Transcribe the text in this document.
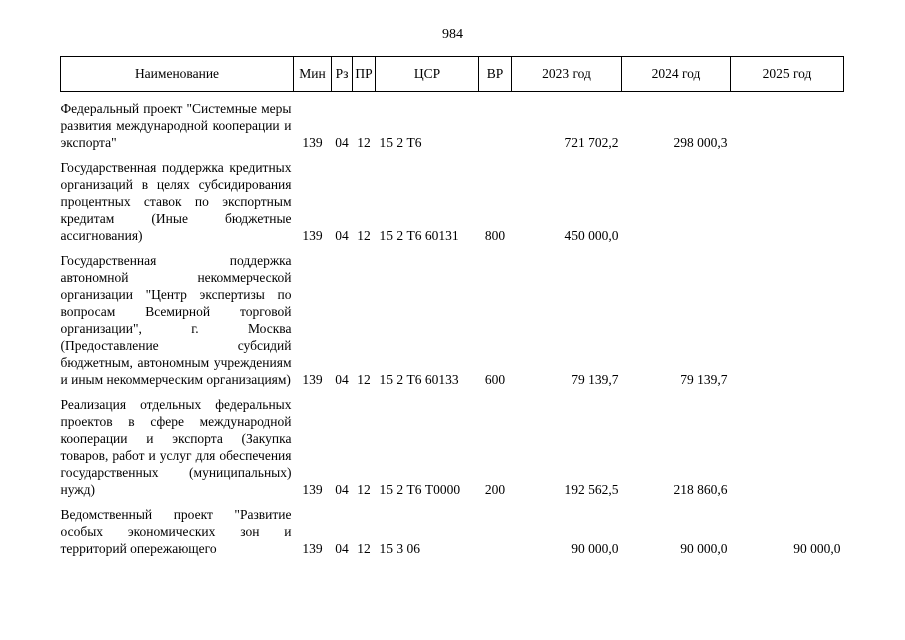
984
Наименование	Мин	Рз	ПР	ЦСР	ВР	2023 год	2024 год	2025 год

Федеральный проект "Системные меры развития международной кооперации и экспорта"	139	04	12	15 2 Т6		721 702,2	298 000,3	

Государственная поддержка кредитных организаций в целях субсидирования процентных ставок по экспортным кредитам (Иные бюджетные ассигнования)	139	04	12	15 2 Т6 60131	800	450 000,0		

Государственная поддержка автономной некоммерческой организации "Центр экспертизы по вопросам Всемирной торговой организации", г. Москва (Предоставление субсидий бюджетным, автономным учреждениям и иным некоммерческим организациям)	139	04	12	15 2 Т6 60133	600	79 139,7	79 139,7	

Реализация отдельных федеральных проектов в сфере международной кооперации и экспорта (Закупка товаров, работ и услуг для обеспечения государственных (муниципальных) нужд)	139	04	12	15 2 Т6 Т0000	200	192 562,5	218 860,6	

Ведомственный проект "Развитие особых экономических зон и территорий опережающего	139	04	12	15 3 06		90 000,0	90 000,0	90 000,0
